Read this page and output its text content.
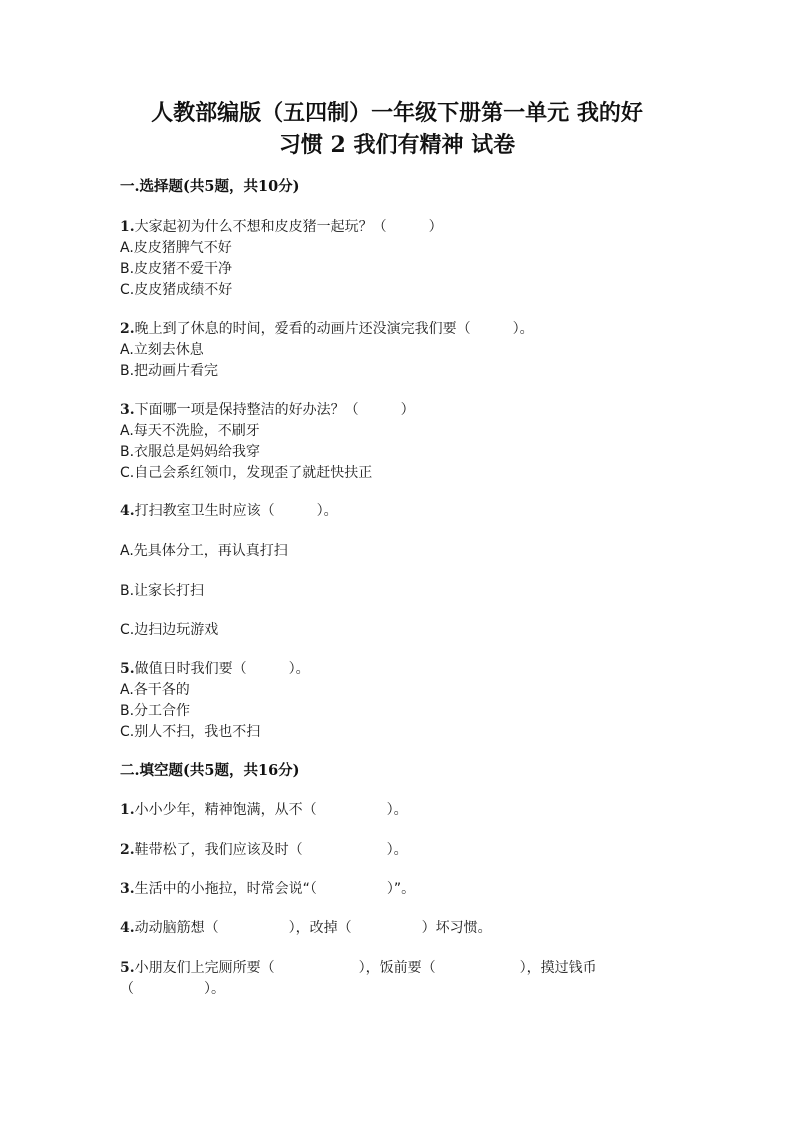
人教部编版（五四制）一年级下册第一单元 我的好
习惯 2 我们有精神 试卷
一.选择题(共5题，共10分)
1.大家起初为什么不想和皮皮猪一起玩？（　　　）
A.皮皮猪脾气不好
B.皮皮猪不爱干净
C.皮皮猪成绩不好
2.晚上到了休息的时间，爱看的动画片还没演完我们要（　　　）。
A.立刻去休息
B.把动画片看完
3.下面哪一项是保持整洁的好办法？（　　　）
A.每天不洗脸，不刷牙
B.衣服总是妈妈给我穿
C.自己会系红领巾，发现歪了就赶快扶正
4.打扫教室卫生时应该（　　　）。
A.先具体分工，再认真打扫
B.让家长打扫
C.边扫边玩游戏
5.做值日时我们要（　　　）。
A.各干各的
B.分工合作
C.别人不扫，我也不扫
二.填空题(共5题，共16分)
1.小小少年，精神饱满，从不（　　　　　）。
2.鞋带松了，我们应该及时（　　　　　　）。
3.生活中的小拖拉，时常会说“（　　　　　）”。
4.动动脑筋想（　　　　　），改掉（　　　　　）坏习惯。
5.小朋友们上完厕所要（　　　　　　），饭前要（　　　　　　），摸过钱币
（　　　　　）。
